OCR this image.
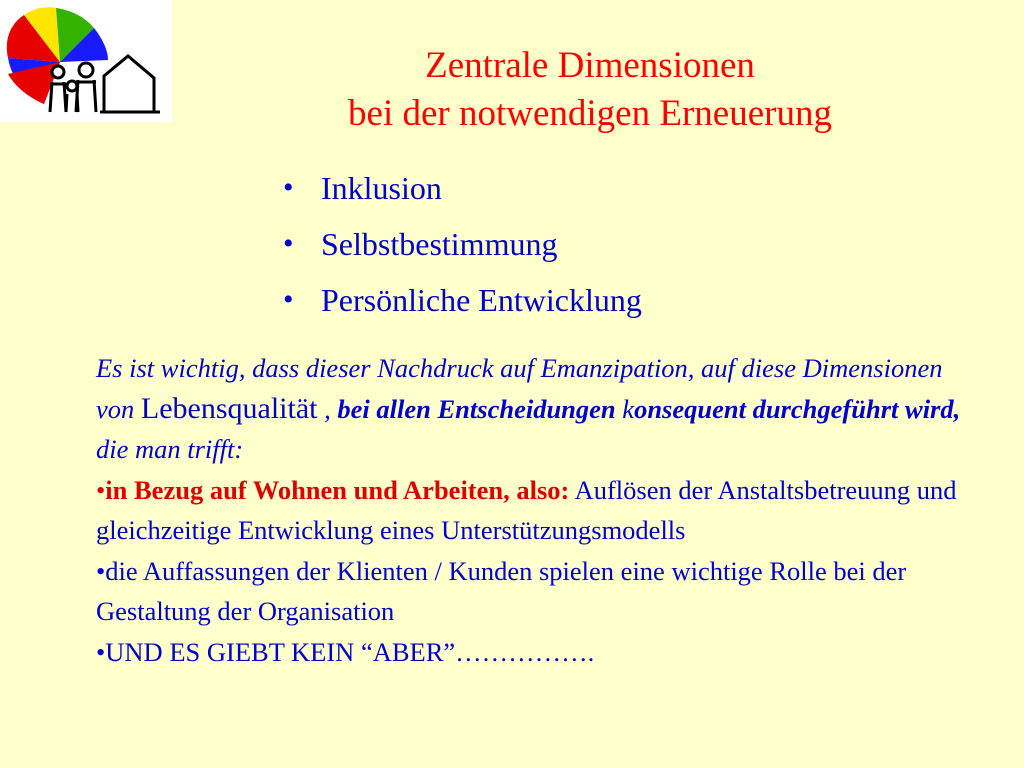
Zentrale Dimensionen
bei der notwendigen Erneuerung
• Inklusion
• Selbstbestimmung
• Persönliche Entwicklung

Es ist wichtig, dass dieser Nachdruck auf Emanzipation, auf diese Dimensionen von Lebensqualität , bei allen Entscheidungen konsequent durchgeführt wird, die man trifft:

•in Bezug auf Wohnen und Arbeiten, also: Auflösen der Anstaltsbetreuung und gleichzeitige Entwicklung eines Unterstützungsmodells

•die Auffassungen der Klienten / Kunden spielen eine wichtige Rolle bei der Gestaltung der Organisation

•UND ES GIEBT KEIN “ABER”…………….
